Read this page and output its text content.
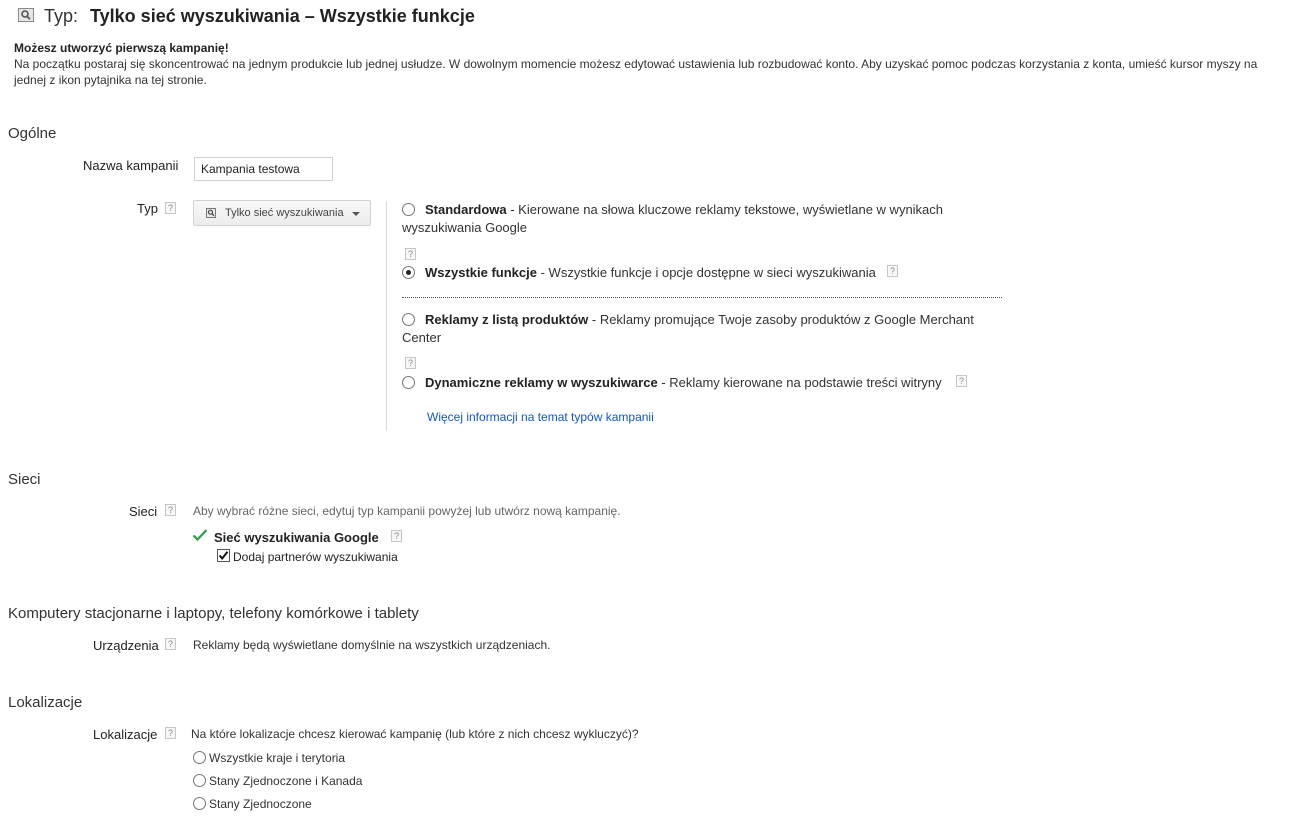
Typ: Tylko sieć wyszukiwania – Wszystkie funkcje
Możesz utworzyć pierwszą kampanię!
Na początku postaraj się skoncentrować na jednym produkcie lub jednej usłudze. W dowolnym momencie możesz edytować ustawienia lub rozbudować konto. Aby uzyskać pomoc podczas korzystania z konta, umieść kursor myszy na jednej z ikon pytajnika na tej stronie.
Ogólne
Nazwa kampanii
Kampania testowa
Typ ?	Tylko sieć wyszukiwania	Standardowa - Kierowane na słowa kluczowe reklamy tekstowe, wyświetlane w wynikach wyszukiwania Google
?
Wszystkie funkcje - Wszystkie funkcje i opcje dostępne w sieci wyszukiwania
?
Reklamy z listą produktów - Reklamy promujące Twoje zasoby produktów z Google Merchant Center
?
Dynamiczne reklamy w wyszukiwarce - Reklamy kierowane na podstawie treści witryny
?
Więcej informacji na temat typów kampanii
Sieci
Sieci ?	Aby wybrać różne sieci, edytuj typ kampanii powyżej lub utwórz nową kampanię.
Sieć wyszukiwania Google
?
Dodaj partnerów wyszukiwania
Komputery stacjonarne i laptopy, telefony komórkowe i tablety
Urządzenia ?	Reklamy będą wyświetlane domyślnie na wszystkich urządzeniach.
Lokalizacje
Lokalizacje ?	Na które lokalizacje chcesz kierować kampanię (lub które z nich chcesz wykluczyć)?
Wszystkie kraje i terytoria
Stany Zjednoczone i Kanada
Stany Zjednoczone
